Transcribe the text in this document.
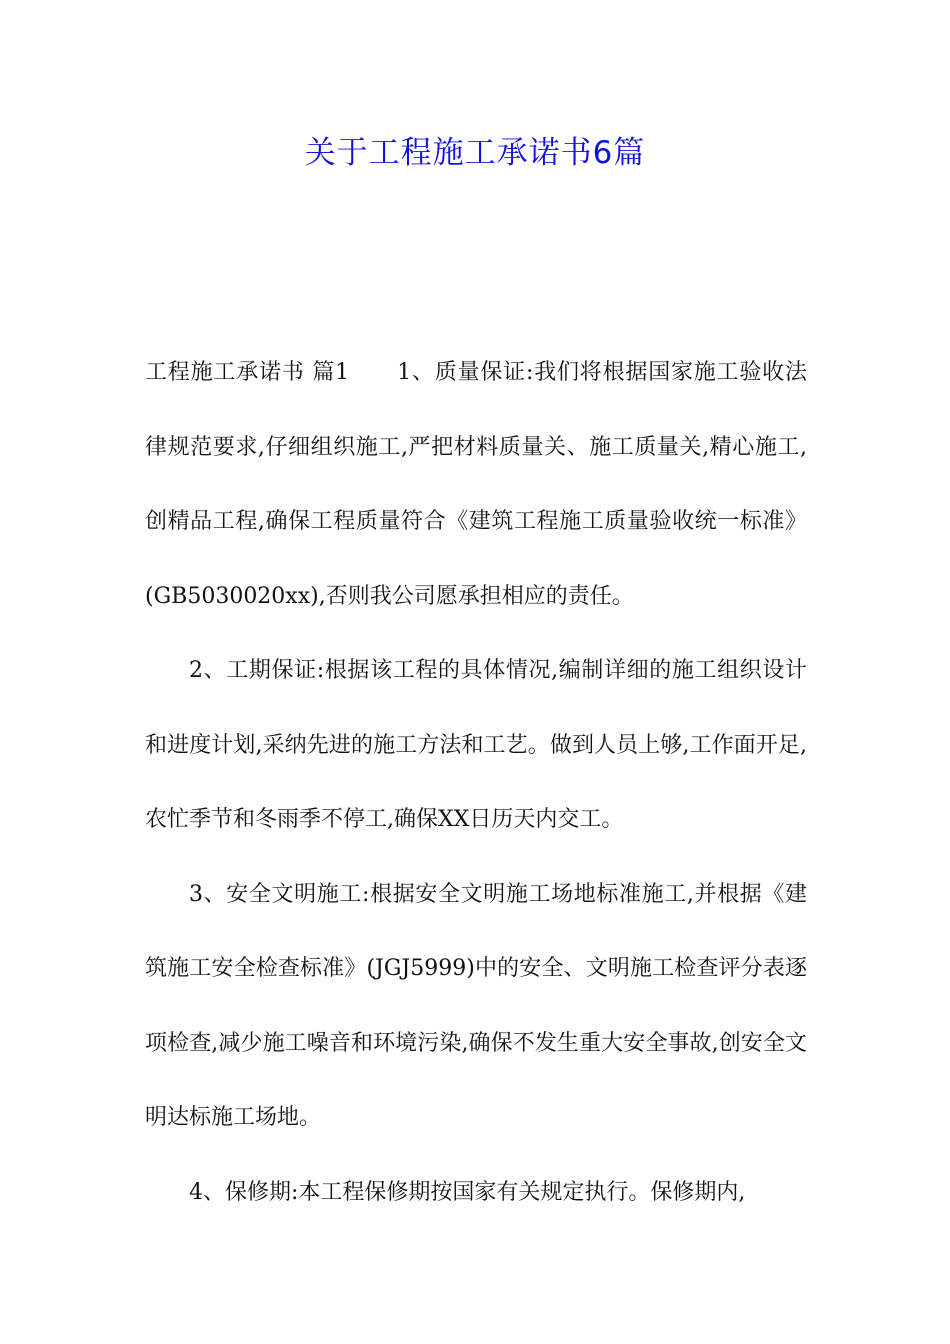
关于工程施工承诺书6篇

工程施工承诺书 篇1 1、质量保证:我们将根据国家施工验收法律规范要求,仔细组织施工,严把材料质量关、施工质量关,精心施工,创精品工程,确保工程质量符合《建筑工程施工质量验收统一标准》(GB5030020xx),否则我公司愿承担相应的责任。

2、工期保证:根据该工程的具体情况,编制详细的施工组织设计和进度计划,采纳先进的施工方法和工艺。做到人员上够,工作面开足,农忙季节和冬雨季不停工,确保XX日历天内交工。

3、安全文明施工:根据安全文明施工场地标准施工,并根据《建筑施工安全检查标准》(JGJ5999)中的安全、文明施工检查评分表逐项检查,减少施工噪音和环境污染,确保不发生重大安全事故,创安全文明达标施工场地。

4、保修期:本工程保修期按国家有关规定执行。保修期内,
